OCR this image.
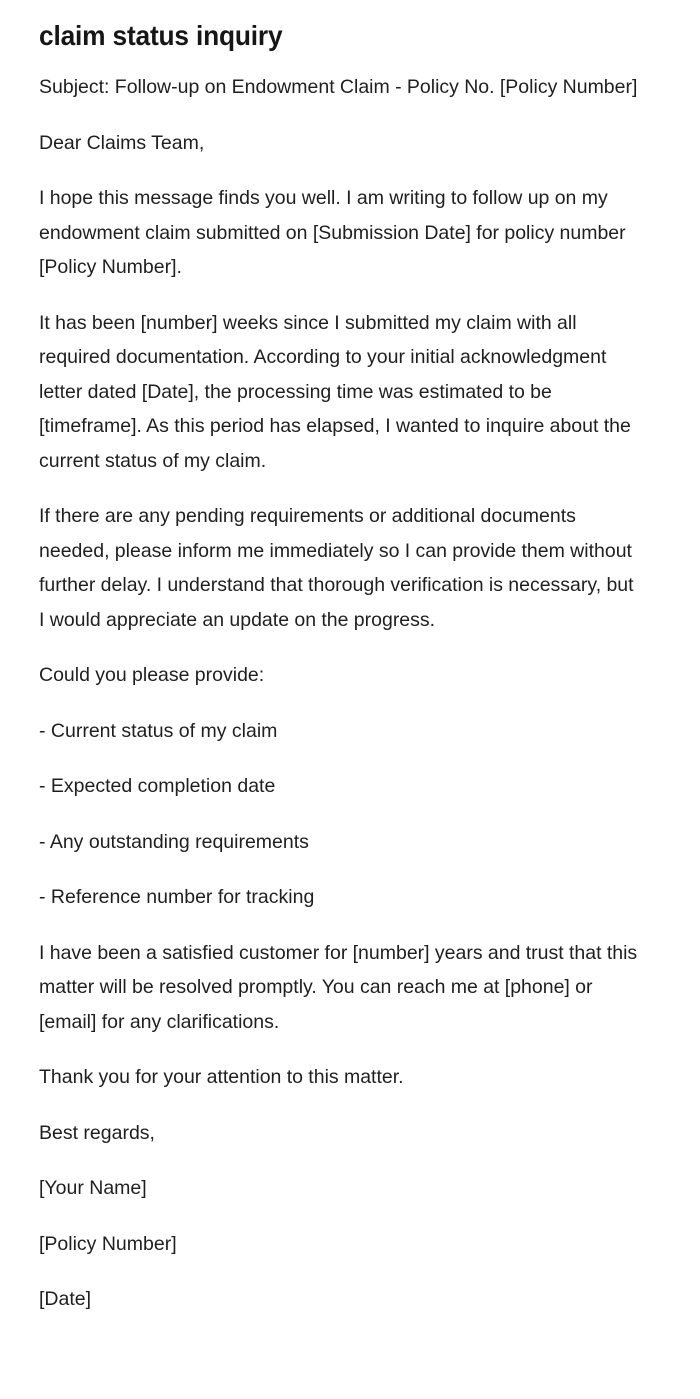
claim status inquiry

Subject: Follow-up on Endowment Claim - Policy No. [Policy Number]

Dear Claims Team,

I hope this message finds you well. I am writing to follow up on my endowment claim submitted on [Submission Date] for policy number [Policy Number].

It has been [number] weeks since I submitted my claim with all required documentation. According to your initial acknowledgment letter dated [Date], the processing time was estimated to be [timeframe]. As this period has elapsed, I wanted to inquire about the current status of my claim.

If there are any pending requirements or additional documents needed, please inform me immediately so I can provide them without further delay. I understand that thorough verification is necessary, but I would appreciate an update on the progress.

Could you please provide:

- Current status of my claim

- Expected completion date

- Any outstanding requirements

- Reference number for tracking

I have been a satisfied customer for [number] years and trust that this matter will be resolved promptly. You can reach me at [phone] or [email] for any clarifications.

Thank you for your attention to this matter.

Best regards,

[Your Name]

[Policy Number]

[Date]
